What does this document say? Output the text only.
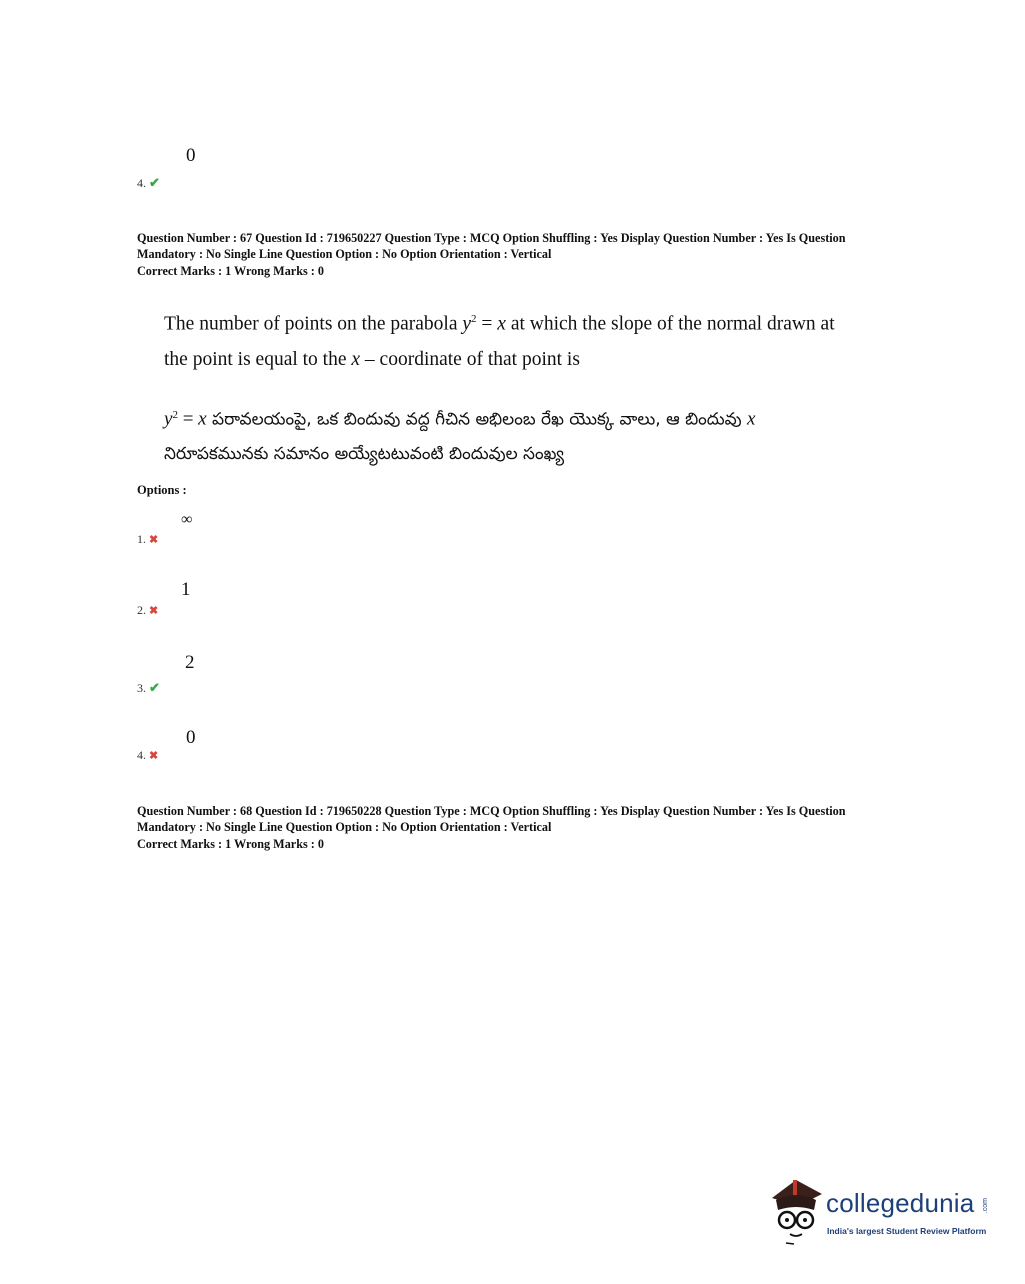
0
4. ✔
Question Number : 67 Question Id : 719650227 Question Type : MCQ Option Shuffling : Yes Display Question Number : Yes Is Question
Mandatory : No Single Line Question Option : No Option Orientation : Vertical
Correct Marks : 1 Wrong Marks : 0
The number of points on the parabola $y^2 = x$ at which the slope of the normal drawn at
the point is equal to the x – coordinate of that point is
$y^2 = x$ పరావలయంపై, ఒక బిందువు వద్ద గీచిన అభిలంబ రేఖ యొక్క వాలు, ఆ బిందువు x
నిరూపకమునకు సమానం అయ్యేటటువంటి బిందువుల సంఖ్య
Options :
∞
1. ✖
1
2. ✖
2
3. ✔
0
4. ✖
Question Number : 68 Question Id : 719650228 Question Type : MCQ Option Shuffling : Yes Display Question Number : Yes Is Question
Mandatory : No Single Line Question Option : No Option Orientation : Vertical
Correct Marks : 1 Wrong Marks : 0
collegedunia .com
India's largest Student Review Platform
